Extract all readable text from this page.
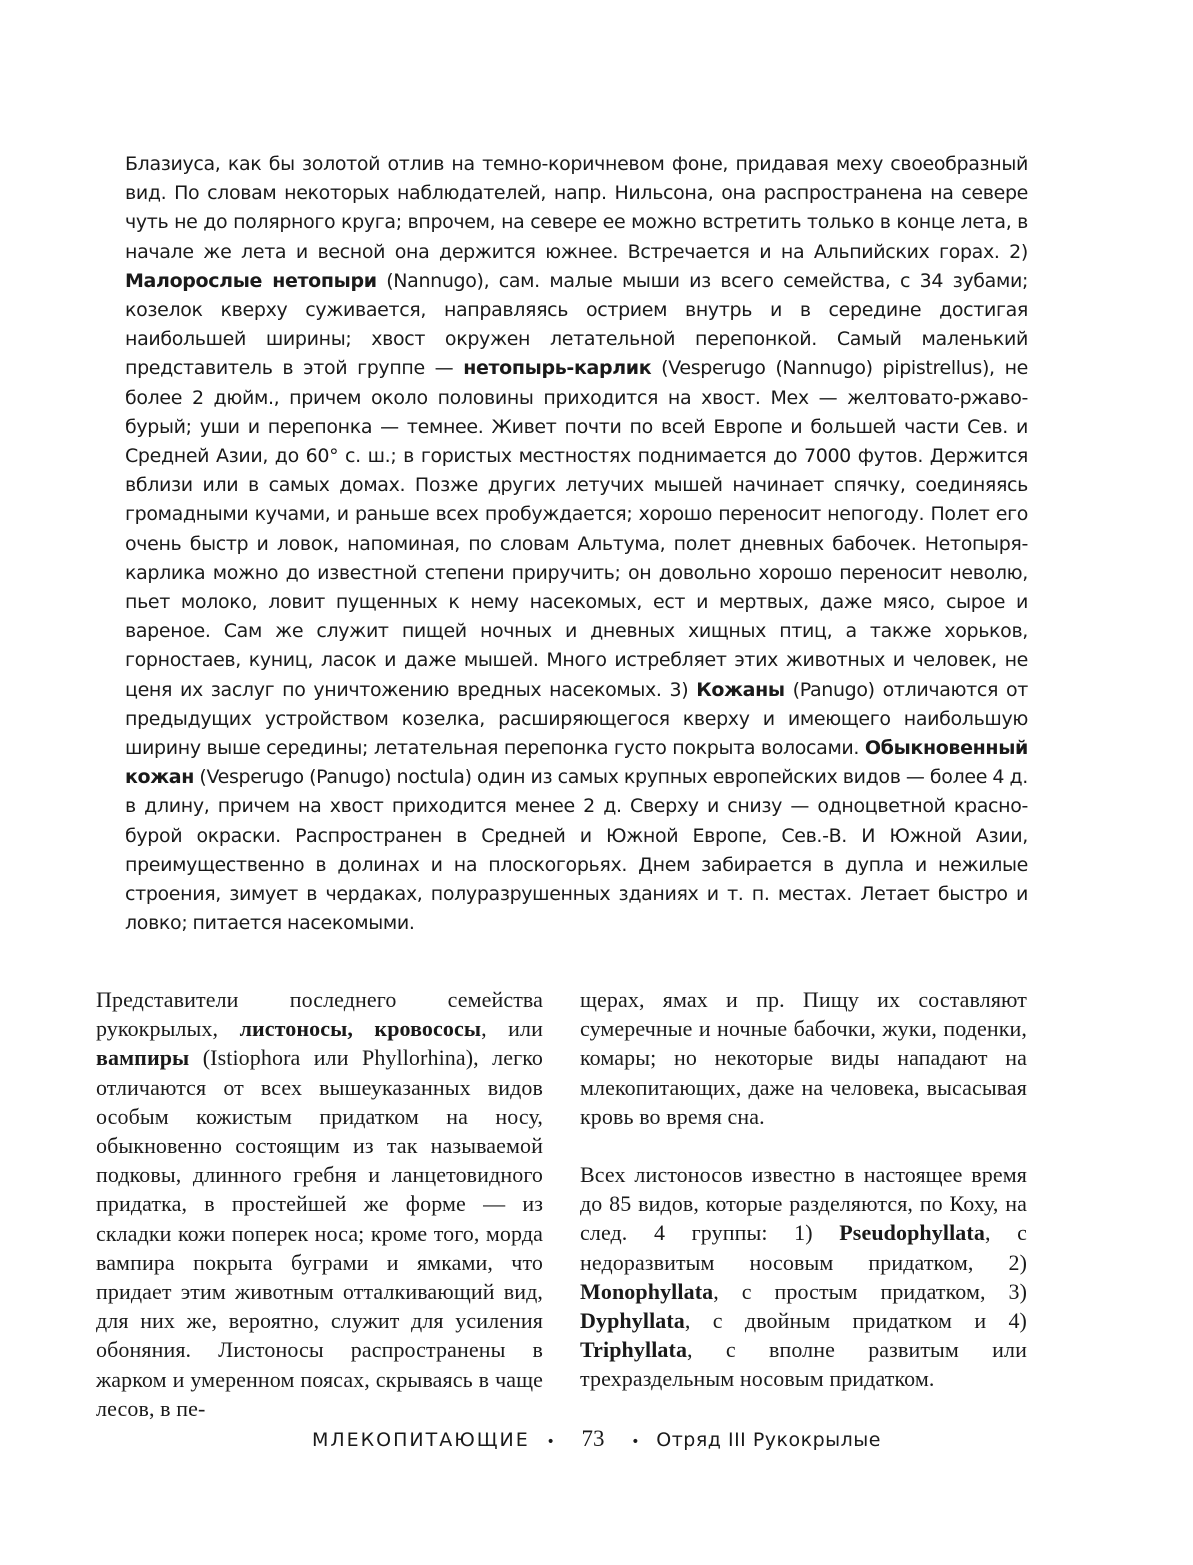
Блазиуса, как бы золотой отлив на темно-коричневом фоне, придавая меху своеобразный вид. По словам некоторых наблюдателей, напр. Нильсона, она распространена на севере чуть не до полярного круга; впрочем, на севере ее можно встретить только в конце лета, в начале же лета и весной она держится южнее. Встречается и на Альпийских горах. 2) Малорослые нетопыри (Nannugo), сам. малые мыши из всего семейства, с 34 зубами; козелок кверху суживается, направляясь острием внутрь и в середине достигая наибольшей ширины; хвост окружен летательной перепонкой. Самый маленький представитель в этой группе — нетопырь-карлик (Vesperugo (Nannugo) pipistrellus), не более 2 дюйм., причем около половины приходится на хвост. Мех — желтовато-ржаво-бурый; уши и перепонка — темнее. Живет почти по всей Европе и большей части Сев. и Средней Азии, до 60° с. ш.; в гористых местностях поднимается до 7000 футов. Держится вблизи или в самых домах. Позже других летучих мышей начинает спячку, соединяясь громадными кучами, и раньше всех пробуждается; хорошо переносит непогоду. Полет его очень быстр и ловок, напоминая, по словам Альтума, полет дневных бабочек. Нетопыря-карлика можно до известной степени приручить; он довольно хорошо переносит неволю, пьет молоко, ловит пущенных к нему насекомых, ест и мертвых, даже мясо, сырое и вареное. Сам же служит пищей ночных и дневных хищных птиц, а также хорьков, горностаев, куниц, ласок и даже мышей. Много истребляет этих животных и человек, не ценя их заслуг по уничтожению вредных насекомых. 3) Кожаны (Panugo) отличаются от предыдущих устройством козелка, расширяющегося кверху и имеющего наибольшую ширину выше середины; летательная перепонка густо покрыта волосами. Обыкновенный кожан (Vesperugo (Panugo) noctula) один из самых крупных европейских видов — более 4 д. в длину, причем на хвост приходится менее 2 д. Сверху и снизу — одноцветной красно-бурой окраски. Распространен в Средней и Южной Европе, Сев.-В. И Южной Азии, преимущественно в долинах и на плоскогорьях. Днем забирается в дупла и нежилые строения, зимует в чердаках, полуразрушенных зданиях и т. п. местах. Летает быстро и ловко; питается насекомыми.

Представители последнего семейства рукокрылых, листоносы, кровососы, или вампиры (Istiophora или Phyllorhina), легко отличаются от всех вышеуказанных видов особым кожистым придатком на носу, обыкновенно состоящим из так называемой подковы, длинного гребня и ланцетовидного придатка, в простейшей же форме — из складки кожи поперек носа; кроме того, морда вампира покрыта буграми и ямками, что придает этим животным отталкивающий вид, для них же, вероятно, служит для усиления обоняния. Листоносы распространены в жарком и умеренном поясах, скрываясь в чаще лесов, в пе-

щерах, ямах и пр. Пищу их составляют сумеречные и ночные бабочки, жуки, поденки, комары; но некоторые виды нападают на млекопитающих, даже на человека, высасывая кровь во время сна.

Всех листоносов известно в настоящее время до 85 видов, которые разделяются, по Коху, на след. 4 группы: 1) Pseudophyllata, с недоразвитым носовым придатком, 2) Monophyllata, с простым придатком, 3) Dyphyllata, с двойным придатком и 4) Triphyllata, с вполне развитым или трехраздельным носовым придатком.

МЛЕКОПИТАЮЩИЕ • 73 • Отряд III Рукокрылые
